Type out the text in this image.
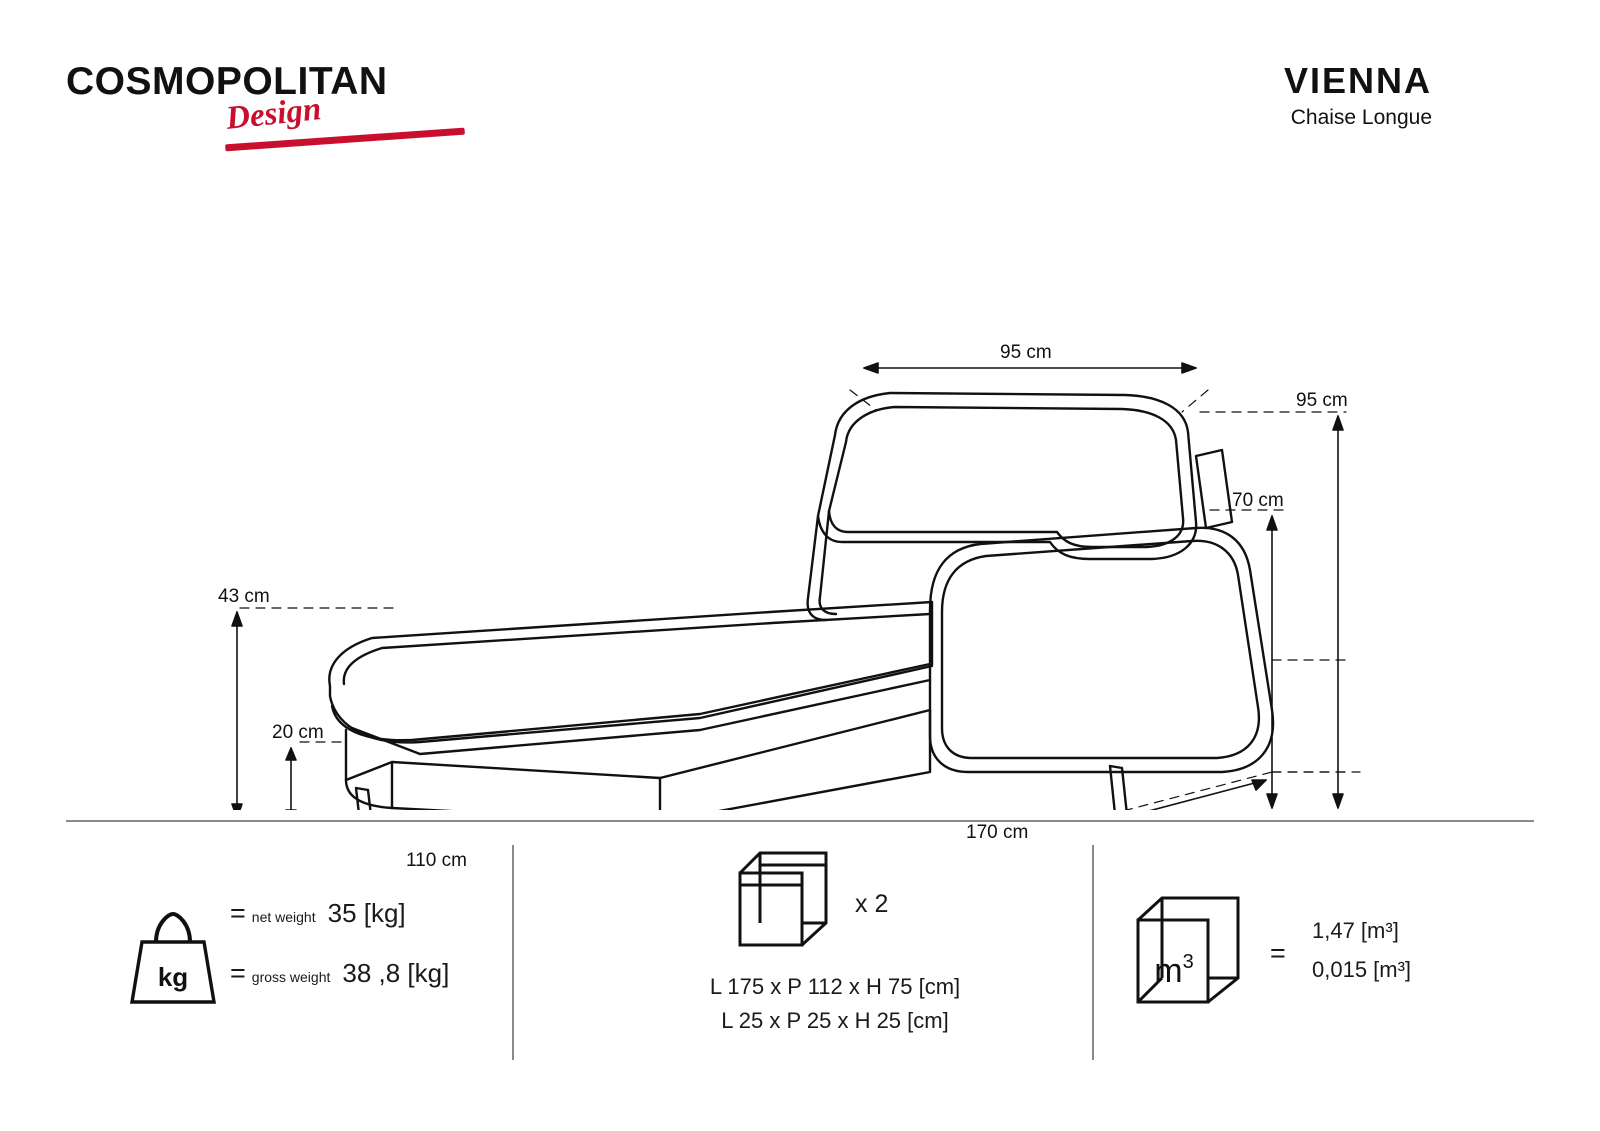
COSMOPOLITAN
Design
VIENNA
Chaise Longue
95 cm
95 cm
70 cm
43 cm
20 cm
110 cm
170 cm
kg
= net weight 35 [kg]
= gross weight 38 ,8 [kg]
x 2
L 175 x P 112 x H 75 [cm]
L 25 x P 25 x H 25 [cm]
$m^3$	=
1,47 [m³]
0,015 [m³]
